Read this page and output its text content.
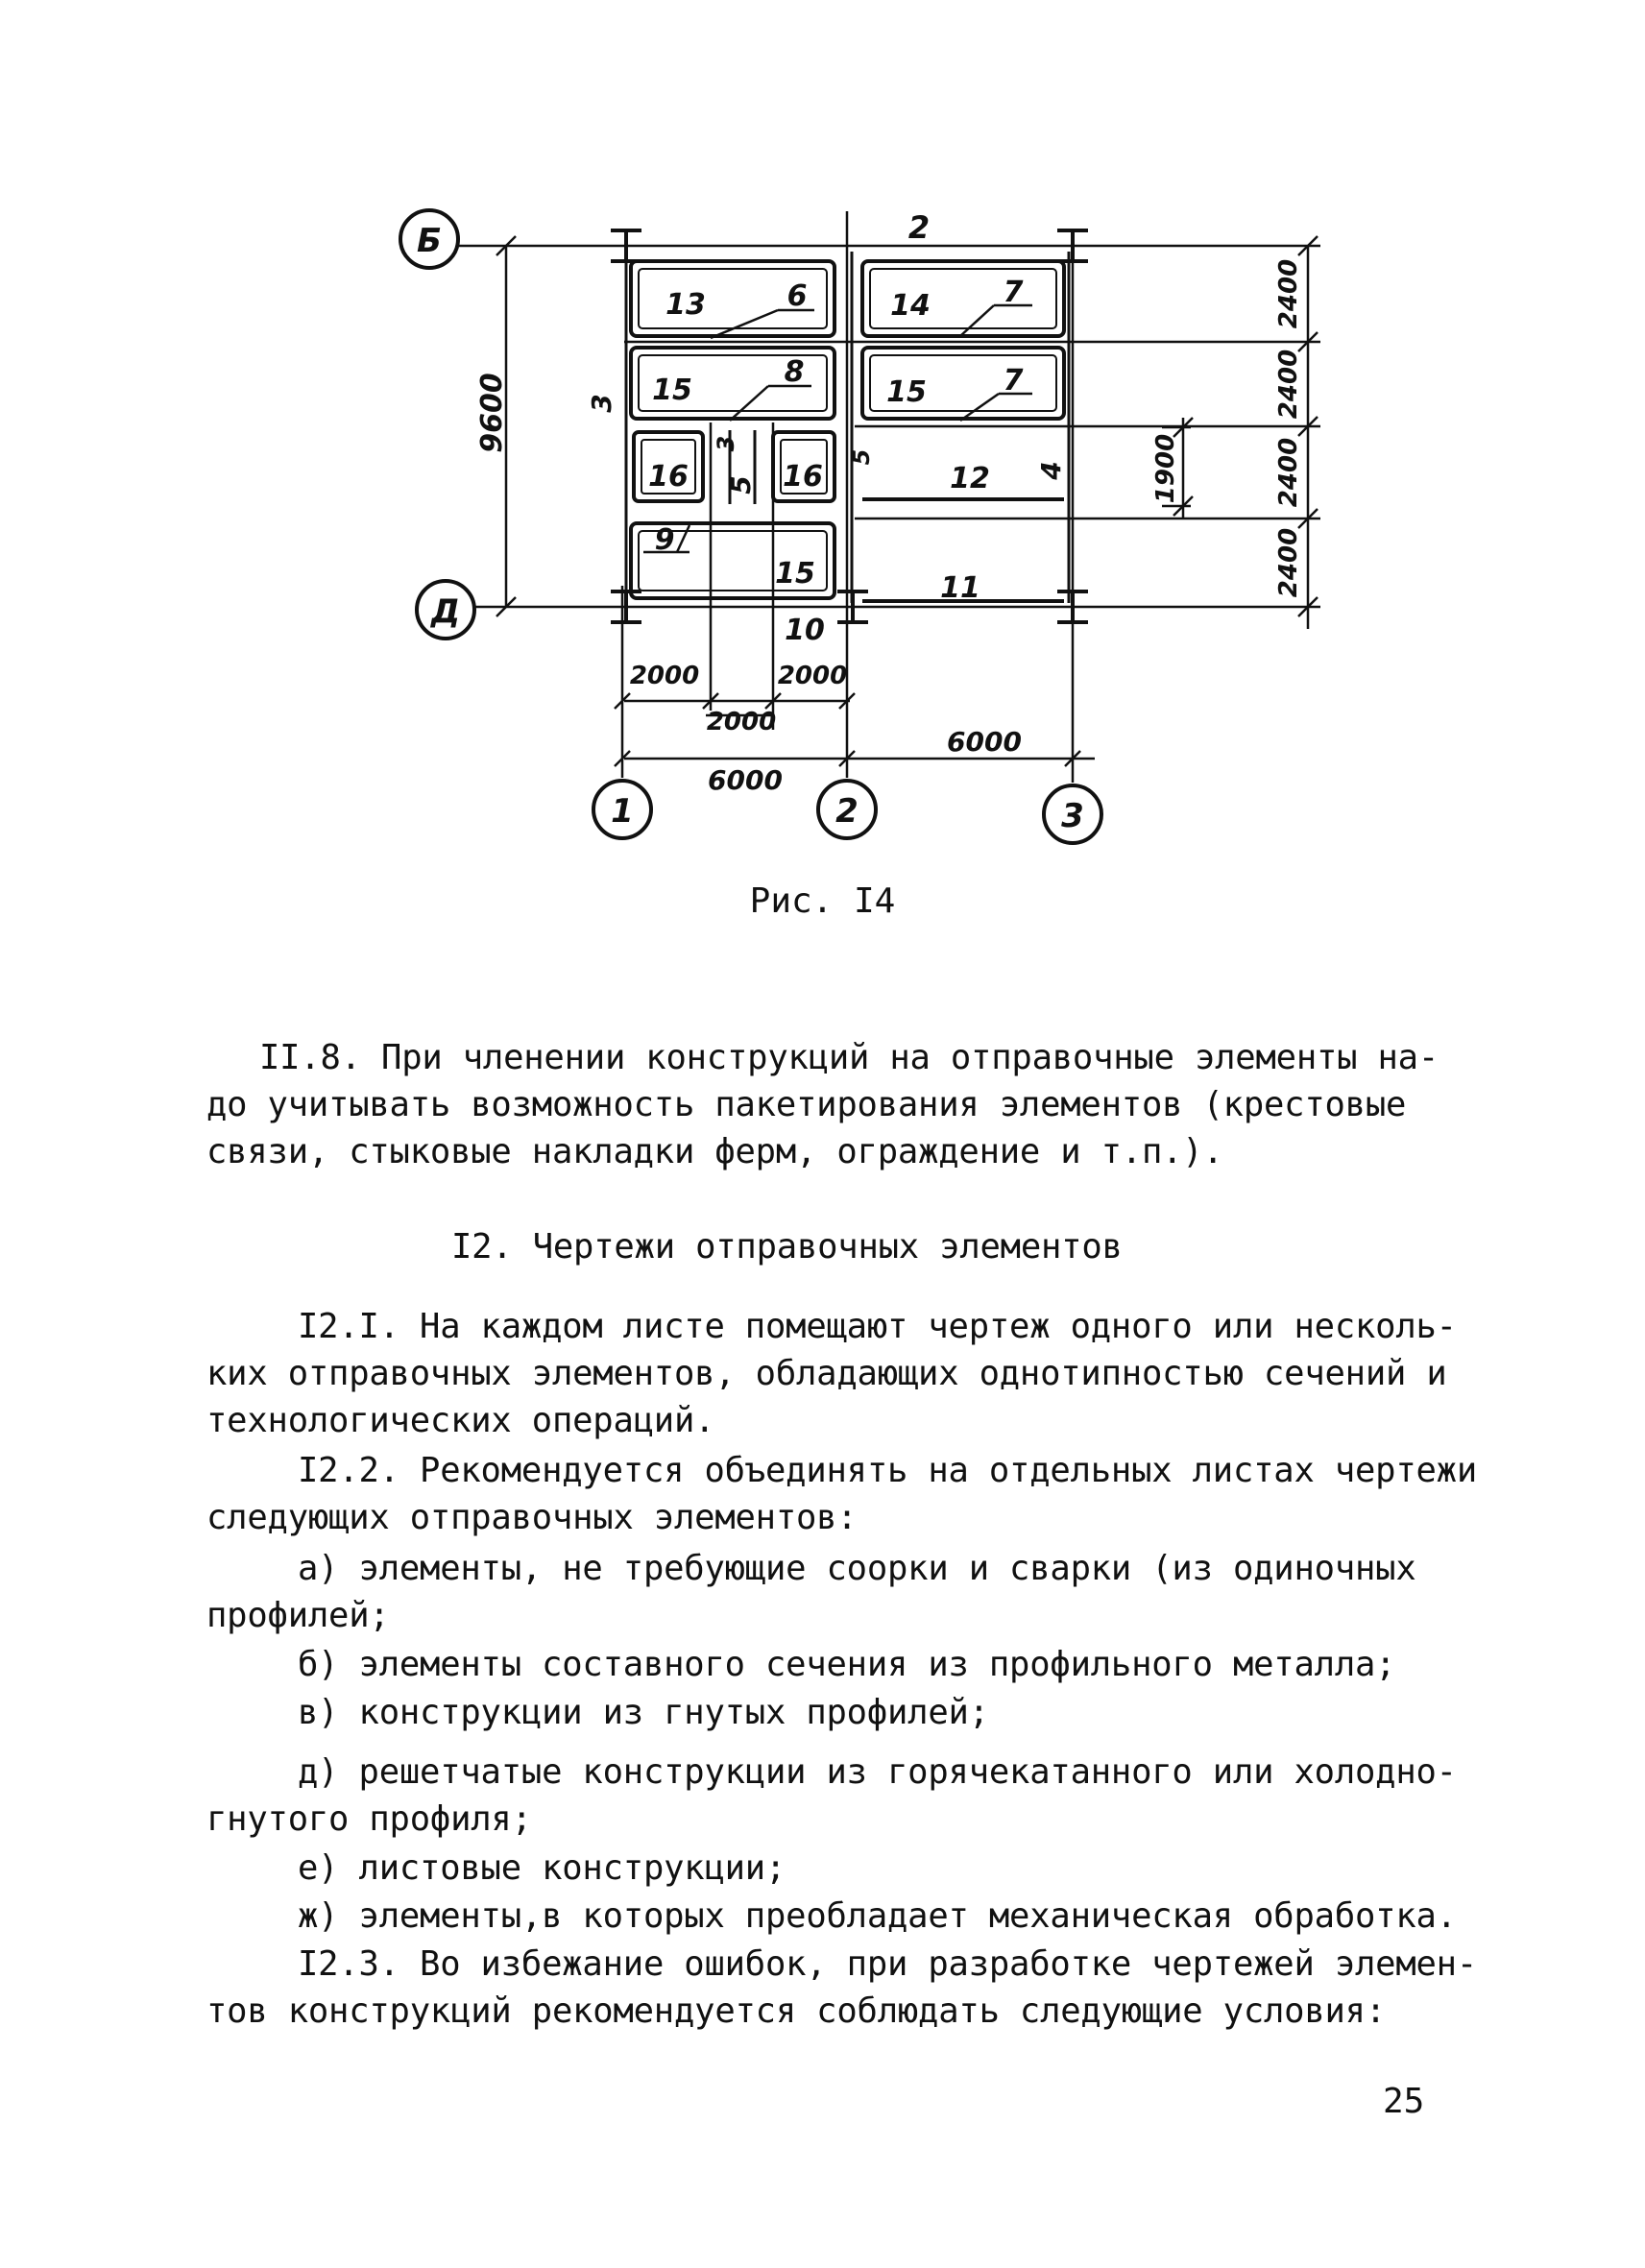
Б
Д
1	2	3
13	6	14	7
15
8
15	7
16	16	12
9
15	11
10
2
3
3
5
5
4
9600
2400
2400
2400
2400
1900
2000	2000
2000
6000
6000
Рис. I4
II.8. При членении конструкций на отправочные элементы на-
до учитывать возможность пакетирования элементов (крестовые
связи, стыковые накладки ферм, ограждение и т.п.).
I2. Чертежи отправочных элементов
I2.I. На каждом листе помещают чертеж одного или несколь-
ких отправочных элементов, обладающих однотипностью сечений и
технологических операций.
I2.2. Рекомендуется объединять на отдельных листах чертежи
следующих отправочных элементов:
а) элементы, не требующие соорки и сварки (из одиночных
профилей;
б) элементы составного сечения из профильного металла;
в) конструкции из гнутых профилей;
д) решетчатые конструкции из горячекатанного или холодно-
гнутого профиля;
е) листовые конструкции;
ж) элементы,в которых преобладает механическая обработка.
I2.3. Во избежание ошибок, при разработке чертежей элемен-
тов конструкций рекомендуется соблюдать следующие условия:
25
